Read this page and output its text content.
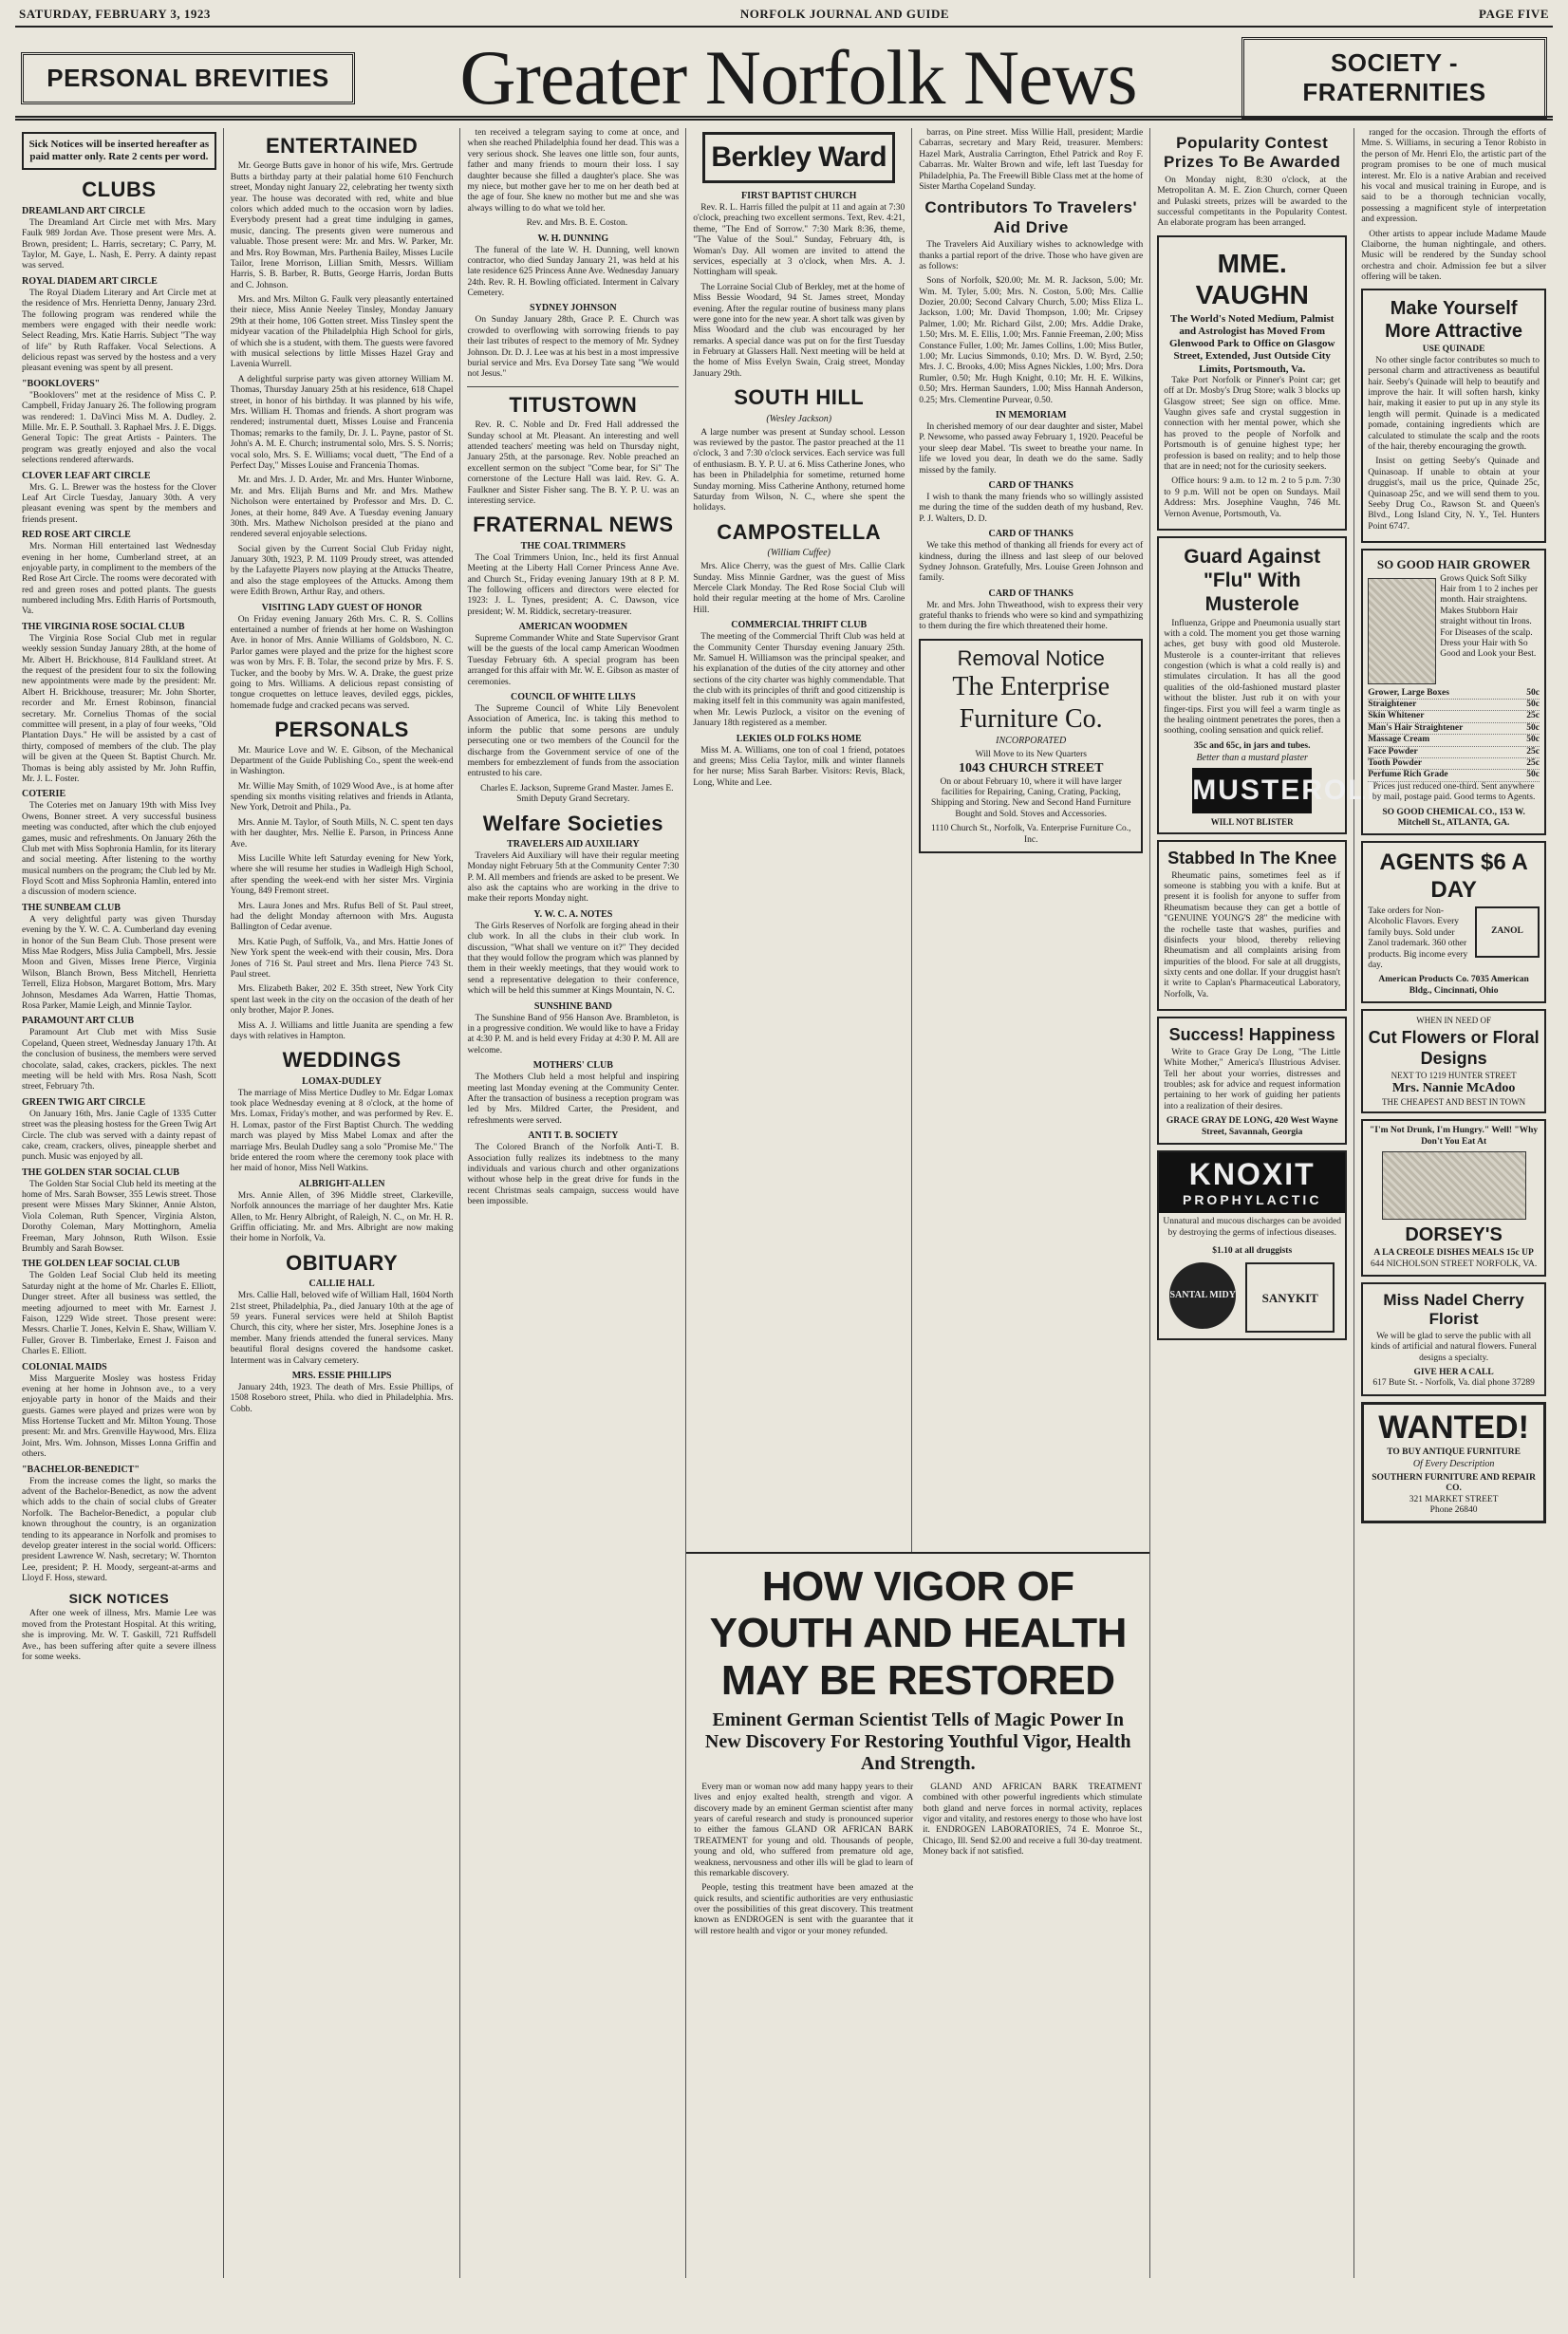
SATURDAY, FEBRUARY 3, 1923	NORFOLK JOURNAL AND GUIDE	PAGE FIVE
PERSONAL BREVITIES	Greater Norfolk News	SOCIETY - FRATERNITIES
Sick Notices will be inserted hereafter as paid matter only. Rate 2 cents per word.
CLUBS
DREAMLAND ART CIRCLE

The Dreamland Art Circle met with Mrs. Mary Faulk 989 Jordan Ave. Those present were Mrs. A. Brown, president; L. Harris, secretary; C. Parry, M. Taylor, M. Gaye, L. Nash, E. Perry. A dainty repast was served.

ROYAL DIADEM ART CIRCLE

The Royal Diadem Literary and Art Circle met at the residence of Mrs. Henrietta Denny, January 23rd. The following program was rendered while the members were engaged with their needle work: Select Reading, Mrs. Katie Harris. Subject "The way of life" by Ruth Raffaker. Vocal Selections. A delicious repast was served by the hostess and a very pleasant evening was spent by all present.

"BOOKLOVERS"

"Booklovers" met at the residence of Miss C. P. Campbell, Friday January 26. The following program was rendered: 1. DaVinci Miss M. A. Dudley. 2. Mille. Mr. E. P. Southall. 3. Raphael Mrs. J. E. Diggs. General Topic: The great Artists - Painters. The program was greatly enjoyed and also the vocal selections rendered afterwards.

CLOVER LEAF ART CIRCLE

Mrs. G. L. Brewer was the hostess for the Clover Leaf Art Circle Tuesday, January 30th. A very pleasant evening was spent by the members and friends present.

RED ROSE ART CIRCLE

Mrs. Norman Hill entertained last Wednesday evening in her home, Cumberland street, at an enjoyable party, in compliment to the members of the Red Rose Art Circle. The rooms were decorated with red and green roses and potted plants. The guests numbered including Mrs. Edith Harris of Portsmouth, Va.

THE VIRGINIA ROSE SOCIAL CLUB

The Virginia Rose Social Club met in regular weekly session Sunday January 28th, at the home of Mr. Albert H. Brickhouse, 814 Faulkland street. At the request of the president four to six the following new appointments were made by the president: Mr. Albert H. Brickhouse, treasurer; Mr. John Shorter, recorder and Mr. Ernest Robinson, financial secretary. Mr. Cornelius Thomas of the social committee will present, in a play of four weeks, "Old Plantation Days." He will be assisted by a cast of thirty, composed of members of the club. The play will be given at the Queen St. Baptist Church. Mr. Thomas is being ably assisted by Mr. John Ruffin, Mr. J. L. Foster.

COTERIE

The Coteries met on January 19th with Miss Ivey Owens, Bonner street. A very successful business meeting was conducted, after which the club enjoyed games, music and refreshments. On January 26th the Club met with Miss Sophronia Hamlin, for its literary and social meeting. After listening to the worthy musical numbers on the program; the Club led by Mr. Floyd Scott and Miss Sophronia Hamlin, entered into a discussion of modern science.

THE SUNBEAM CLUB

A very delightful party was given Thursday evening by the Y. W. C. A. Cumberland day evening in honor of the Sun Beam Club. Those present were Miss Mae Rodgers, Miss Julia Campbell, Mrs. Jessie Moon and Given, Misses Irene Pierce, Virginia Wilson, Blanch Brown, Bess Mitchell, Henrietta Terrell, Eliza Hobson, Margaret Bottom, Mrs. Mary Johnson, Mesdames Ada Warren, Hattie Thomas, Rosa Parker, Mamie Leigh, and Minnie Taylor.

PARAMOUNT ART CLUB

Paramount Art Club met with Miss Susie Copeland, Queen street, Wednesday January 17th. At the conclusion of business, the members were served chocolate, salad, cakes, crackers, pickles. The next meeting will be held with Mrs. Rosa Nash, Scott street, February 7th.

GREEN TWIG ART CIRCLE

On January 16th, Mrs. Janie Cagle of 1335 Cutter street was the pleasing hostess for the Green Twig Art Circle. The club was served with a dainty repast of cake, cream, crackers, olives, pineapple sherbet and punch. Music was enjoyed by all.

THE GOLDEN STAR SOCIAL CLUB

The Golden Star Social Club held its meeting at the home of Mrs. Sarah Bowser, 355 Lewis street. Those present were Misses Mary Skinner, Annie Alston, Viola Coleman, Ruth Spencer, Virginia Alston, Dorothy Coleman, Mary Mottinghorn, Amelia Freeman, Mary Johnson, Ruth Wilson. Essie Brumbly and Sarah Bowser.

THE GOLDEN LEAF SOCIAL CLUB

The Golden Leaf Social Club held its meeting Saturday night at the home of Mr. Charles E. Elliott, Dunger street. After all business was settled, the meeting adjourned to meet with Mr. Earnest J. Faison, 1229 Wide street. Those present were: Messrs. Charlie T. Jones, Kelvin E. Shaw, William V. Fuller, Grover B. Timberlake, Ernest J. Faison and Charles E. Elliott.

COLONIAL MAIDS

Miss Marguerite Mosley was hostess Friday evening at her home in Johnson ave., to a very enjoyable party in honor of the Maids and their guests. Games were played and prizes were won by Miss Hortense Tuckett and Mr. Milton Young. Those present: Mr. and Mrs. Grenville Haywood, Mrs. Eliza Joint, Mrs. Wm. Johnson, Misses Lonna Griffin and others.

"BACHELOR-BENEDICT"

From the increase comes the light, so marks the advent of the Bachelor-Benedict, as now the advent which adds to the chain of social clubs of Greater Norfolk. The Bachelor-Benedict, a popular club known throughout the country, is an organization tending to its appearance in Norfolk and promises to develop greater interest in the social world. Officers: president Lawrence W. Nash, secretary; W. Thornton Lee, president; P. H. Moody, sergeant-at-arms and Lloyd F. Hoss, steward.

SICK NOTICES

After one week of illness, Mrs. Mamie Lee was moved from the Protestant Hospital. At this writing, she is improving. Mr. W. T. Gaskill, 721 Ruffsdell Ave., has been suffering after quite a severe illness for some weeks.

ENTERTAINED

Mr. George Butts gave in honor of his wife, Mrs. Gertrude Butts a birthday party at their palatial home 610 Fenchurch street, Monday night January 22, celebrating her twenty sixth year. The house was decorated with red, white and blue colors which added much to the occasion worn by ladies. Everybody present had a great time indulging in games, music, dancing. The presents given were numerous and valuable. Those present were: Mr. and Mrs. W. Parker, Mr. and Mrs. Roy Bowman, Mrs. Parthenia Bailey, Misses Lucile Tailor, Irene Morrison, Lillian Smith, Messrs. William Harris, S. B. Barber, R. Butts, George Harris, Jordan Butts and C. Johnson.

Mrs. and Mrs. Milton G. Faulk very pleasantly entertained their niece, Miss Annie Neeley Tinsley, Monday January 29th at their home, 106 Gotten street. Miss Tinsley spent the midyear vacation of the Philadelphia High School for girls, of which she is a student, with them. The guests were favored with musical selections by little Misses Hazel Gray and Lavenia Wurrell.

A delightful surprise party was given attorney William M. Thomas, Thursday January 25th at his residence, 618 Chapel street, in honor of his birthday. It was planned by his wife, Mrs. William H. Thomas and friends. A short program was rendered; instrumental duett, Misses Louise and Francenia Thomas; remarks to the family, Dr. J. L. Payne, pastor of St. John's A. M. E. Church; instrumental solo, Mrs. S. S. Norris; vocal solo, Mrs. S. E. Williams; vocal duett, "The End of a Perfect Day," Misses Louise and Francenia Thomas.

Mr. and Mrs. J. D. Arder, Mr. and Mrs. Hunter Winborne, Mr. and Mrs. Elijah Burns and Mr. and Mrs. Mathew Nicholson were entertained by Professor and Mrs. D. C. Jones, at their home, 849 Ave. A Tuesday evening January 30th. Mrs. Mathew Nicholson presided at the piano and rendered several enjoyable selections.

Social given by the Current Social Club Friday night, January 30th, 1923, P. M. 1109 Proudy street, was attended by the Lafayette Players now playing at the Attucks Theatre, and also the stage employees of the Attucks. Among them were Edith Brown, Arthur Ray, and others.

VISITING LADY GUEST OF HONOR

On Friday evening January 26th Mrs. C. R. S. Collins entertained a number of friends at her home on Washington Ave. in honor of Mrs. Annie Williams of Goldsboro, N. C. Parlor games were played and the prize for the highest score was won by Mrs. F. B. Tolar, the second prize by Mrs. F. S. Tucker, and the booby by Mrs. W. A. Drake, the guest prize going to Mrs. Williams. A delicious repast consisting of tongue croquettes on lettuce leaves, deviled eggs, pickles, homemade fudge and cracked pecans was served.

PERSONALS

Mr. Maurice Love and W. E. Gibson, of the Mechanical Department of the Guide Publishing Co., spent the week-end in Washington.

Mr. Willie May Smith, of 1029 Wood Ave., is at home after spending six months visiting relatives and friends in Atlanta, New York, Detroit and Phila., Pa.

Mrs. Annie M. Taylor, of South Mills, N. C. spent ten days with her daughter, Mrs. Nellie E. Parson, in Princess Anne Ave.

Miss Lucille White left Saturday evening for New York, where she will resume her studies in Wadleigh High School, after spending the week-end with her sister Mrs. Virginia Young, 849 Fremont street.

Mrs. Laura Jones and Mrs. Rufus Bell of St. Paul street, had the delight Monday afternoon with Mrs. Augusta Ballington of Cedar avenue.

Mrs. Katie Pugh, of Suffolk, Va., and Mrs. Hattie Jones of New York spent the week-end with their cousin, Mrs. Dora Jones of 716 St. Paul street and Mrs. Ilena Pierce 743 St. Paul street.

Mrs. Elizabeth Baker, 202 E. 35th street, New York City spent last week in the city on the occasion of the death of her only brother, Major P. Jones.

Miss A. J. Williams and little Juanita are spending a few days with relatives in Hampton.

WEDDINGS
LOMAX-DUDLEY

The marriage of Miss Mertice Dudley to Mr. Edgar Lomax took place Wednesday evening at 8 o'clock, at the home of Mrs. Lomax, Friday's mother, and was performed by Rev. E. H. Lomax, pastor of the First Baptist Church. The wedding march was played by Miss Mabel Lomax and after the marriage Mrs. Beulah Dudley sang a solo "Promise Me." The bride entered the room where the ceremony took place with her maid of honor, Miss Nell Watkins.

ALBRIGHT-ALLEN

Mrs. Annie Allen, of 396 Middle street, Clarkeville, Norfolk announces the marriage of her daughter Mrs. Katie Allen, to Mr. Henry Albright, of Raleigh, N. C., on Mr. H. R. Griffin officiating. Mr. and Mrs. Albright are now making their home in Norfolk, Va.

OBITUARY
CALLIE HALL

Mrs. Callie Hall, beloved wife of William Hall, 1604 North 21st street, Philadelphia, Pa., died January 10th at the age of 59 years. Funeral services were held at Shiloh Baptist Church, this city, where her sister, Mrs. Josephine Jones is a member. Many friends attended the funeral services. Many beautiful floral designs covered the handsome casket. Interment was in Calvary cemetery.

MRS. ESSIE PHILLIPS

January 24th, 1923. The death of Mrs. Essie Phillips, of 1508 Roseboro street, Phila. who died in Philadelphia. Mrs. Cobb.

ten received a telegram saying to come at once, and when she reached Philadelphia found her dead. This was a very serious shock. She leaves one little son, four aunts, father and many friends to mourn their loss. I say daughter because she filled a daughter's place. She was my niece, but mother gave her to me on her death bed at the age of four. She knew no mother but me and she was always willing to do what we told her.

Rev. and Mrs. B. E. Coston.

W. H. DUNNING

The funeral of the late W. H. Dunning, well known contractor, who died Sunday January 21, was held at his late residence 625 Princess Anne Ave. Wednesday January 24th. Rev. R. H. Bowling officiated. Interment in Calvary Cemetery.

SYDNEY JOHNSON

On Sunday January 28th, Grace P. E. Church was crowded to overflowing with sorrowing friends to pay their last tributes of respect to the memory of Mr. Sydney Johnson. Dr. D. J. Lee was at his best in a most impressive burial service and Mrs. Eva Dorsey Tate sang "We would not Jesus."

TITUSTOWN

Rev. R. C. Noble and Dr. Fred Hall addressed the Sunday school at Mt. Pleasant. An interesting and well attended teachers' meeting was held on Thursday night, January 25th, at the parsonage. Rev. Noble preached an excellent sermon on the subject "Come bear, for Si" The cornerstone of the Lecture Hall was laid. Rev. G. A. Faulkner and Sister Fisher sang. The B. Y. P. U. was an interesting service.

FRATERNAL NEWS
THE COAL TRIMMERS

The Coal Trimmers Union, Inc., held its first Annual Meeting at the Liberty Hall Corner Princess Anne Ave. and Church St., Friday evening January 19th at 8 P. M. The following officers and directors were elected for 1923: J. L. Tynes, president; A. C. Dawson, vice president; W. M. Riddick, secretary-treasurer.

AMERICAN WOODMEN

Supreme Commander White and State Supervisor Grant will be the guests of the local camp American Woodmen Tuesday February 6th. A special program has been arranged for this affair with Mr. W. E. Gibson as master of ceremonies.

COUNCIL OF WHITE LILYS

The Supreme Council of White Lily Benevolent Association of America, Inc. is taking this method to inform the public that some persons are unduly persecuting one or two members of the Council for the discharge from the Government service of one of the members for embezzlement of funds from the association entrusted to his care.

Charles E. Jackson, Supreme Grand Master. James E. Smith Deputy Grand Secretary.

Welfare Societies
TRAVELERS AID AUXILIARY

Travelers Aid Auxiliary will have their regular meeting Monday night February 5th at the Community Center 7:30 P. M. All members and friends are asked to be present. We also ask the captains who are working in the drive to make their reports Monday night.

Y. W. C. A. NOTES

The Girls Reserves of Norfolk are forging ahead in their club work. In all the clubs in their club work. In discussion, "What shall we venture on it?" They decided that they would follow the program which was planned by them in their weekly meetings, that they would work to send a representative delegation to their conference, which will be held this summer at Kings Mountain, N. C.

SUNSHINE BAND

The Sunshine Band of 956 Hanson Ave. Brambleton, is in a progressive condition. We would like to have a Friday at 4:30 P. M. and is held every Friday at 4:30 P. M. All are welcome.

MOTHERS' CLUB

The Mothers Club held a most helpful and inspiring meeting last Monday evening at the Community Center. After the transaction of business a reception program was led by Mrs. Mildred Carter, the President, and refreshments were served.

ANTI T. B. SOCIETY

The Colored Branch of the Norfolk Anti-T. B. Association fully realizes its indebtness to the many individuals and various church and other organizations without whose help in the great drive for funds in the recent Christmas seals campaign, success would have been impossible.

Berkley Ward
FIRST BAPTIST CHURCH

Rev. R. L. Harris filled the pulpit at 11 and again at 7:30 o'clock, preaching two excellent sermons. Text, Rev. 4:21, theme, "The End of Sorrow." 7:30 Mark 8:36, theme, "The Value of the Soul." Sunday, February 4th, is Woman's Day. All women are invited to attend the services, especially at 3 o'clock, when Mrs. A. J. Nottingham will speak.

The Lorraine Social Club of Berkley, met at the home of Miss Bessie Woodard, 94 St. James street, Monday evening. After the regular routine of business many plans were gone into for the new year. A short talk was given by Miss Woodard and the club was encouraged by her remarks. A special dance was put on for the first Tuesday in February at Glassers Hall. Next meeting will be held at the home of Miss Evelyn Swain, Craig street, Monday January 29th.

SOUTH HILL
(Wesley Jackson)

A large number was present at Sunday school. Lesson was reviewed by the pastor. The pastor preached at the 11 o'clock, 3 and 7:30 o'clock services. Each service was full of enthusiasm. B. Y. P. U. at 6. Miss Catherine Jones, who has been in Philadelphia for sometime, returned home Sunday morning. Miss Catherine Anthony, returned home Saturday from Wilson, N. C., where she spent the holidays.

CAMPOSTELLA
(William Cuffee)

Mrs. Alice Cherry, was the guest of Mrs. Callie Clark Sunday. Miss Minnie Gardner, was the guest of Miss Mercele Clark Monday. The Red Rose Social Club will hold their regular meeting at the home of Mrs. Caroline Hill.

COMMERCIAL THRIFT CLUB

The meeting of the Commercial Thrift Club was held at the Community Center Thursday evening January 25th. Mr. Samuel H. Williamson was the principal speaker, and his explanation of the duties of the city attorney and other sections of the city charter was highly commendable. That the club with its principles of thrift and good citizenship is making itself felt in this community was again manifested, when Mr. Lewis Puzlock, a visitor on the evening of January 18th registered as a member.

LEKIES OLD FOLKS HOME

Miss M. A. Williams, one ton of coal 1 friend, potatoes and greens; Miss Celia Taylor, milk and winter flannels for her nurse; Miss Sarah Barber. Visitors: Revis, Black, Long, White and Lee.

barras, on Pine street. Miss Willie Hall, president; Mardie Cabarras, secretary and Mary Reid, treasurer. Members: Hazel Mark, Australia Carrington, Ethel Patrick and Roy F. Cabarras. Mr. Walter Brown and wife, left last Tuesday for Philadelphia, Pa. The Freewill Bible Class met at the home of Sister Martha Copeland Sunday.

Contributors To Travelers' Aid Drive

The Travelers Aid Auxiliary wishes to acknowledge with thanks a partial report of the drive. Those who have given are as follows:

Sons of Norfolk, $20.00; Mr. M. R. Jackson, 5.00; Mr. Wm. M. Tyler, 5.00; Mrs. N. Coston, 5.00; Mrs. Callie Dozier, 20.00; Second Calvary Church, 5.00; Miss Eliza L. Jackson, 1.00; Mr. David Thompson, 1.00; Mr. Cripsey Palmer, 1.00; Mr. Richard Gilst, 2.00; Mrs. Addie Drake, 1.50; Mrs. M. E. Ellis, 1.00; Mrs. Fannie Freeman, 2.00; Miss Constance Fuller, 1.00; Mr. James Collins, 1.00; Miss Butler, 1.00; Mr. Lucius Simmonds, 0.10; Mrs. D. W. Byrd, 2.50; Mrs. J. C. Brooks, 4.00; Miss Agnes Nickles, 1.00; Mrs. Dora Rumler, 0.50; Mr. Hugh Knight, 0.10; Mr. H. E. Wilkins, 0.50; Mrs. Herman Saunders, 1.00; Miss Hannah Anderson, 0.25; Mrs. Clementine Purvear, 0.50.

IN MEMORIAM

In cherished memory of our dear daughter and sister, Mabel P. Newsome, who passed away February 1, 1920. Peaceful be your sleep dear Mabel. 'Tis sweet to breathe your name. In life we loved you dear, In death we do the same. Sadly missed by the family.

CARD OF THANKS

I wish to thank the many friends who so willingly assisted me during the time of the sudden death of my husband, Rev. P. J. Walters, D. D.

CARD OF THANKS

We take this method of thanking all friends for every act of kindness, during the illness and last sleep of our beloved Sydney Johnson. Gratefully, Mrs. Louise Green Johnson and family.

CARD OF THANKS

Mr. and Mrs. John Thweathood, wish to express their very grateful thanks to friends who were so kind and sympathizing to them during the fire which threatened their home.

Removal Notice
The Enterprise
Furniture Co.
INCORPORATED
Will Move to its New Quarters
1043 CHURCH STREET

On or about February 10, where it will have larger facilities for Repairing, Caning, Crating, Packing, Shipping and Storing. New and Second Hand Furniture Bought and Sold. Stoves and Accessories.

1110 Church St., Norfolk, Va. Enterprise Furniture Co., Inc.
HOW VIGOR OF YOUTH AND HEALTH MAY BE RESTORED
Eminent German Scientist Tells of Magic Power In New Discovery For Restoring Youthful Vigor, Health And Strength.

Every man or woman now add many happy years to their lives and enjoy exalted health, strength and vigor. A discovery made by an eminent German scientist after many years of careful research and study is pronounced superior to either the famous GLAND OR AFRICAN BARK TREATMENT for young and old. Thousands of people, young and old, who suffered from premature old age, weakness, nervousness and other ills will be glad to learn of this remarkable discovery.

People, testing this treatment have been amazed at the quick results, and scientific authorities are very enthusiastic over the possibilities of this great discovery. This treatment known as ENDROGEN is sent with the guarantee that it will restore health and vigor or your money refunded.

GLAND AND AFRICAN BARK TREATMENT combined with other powerful ingredients which stimulate both gland and nerve forces in normal activity, replaces vigor and vitality, and restores energy to those who have lost it. ENDROGEN LABORATORIES, 74 E. Monroe St., Chicago, Ill. Send $2.00 and receive a full 30-day treatment. Money back if not satisfied.

Popularity Contest Prizes To Be Awarded

On Monday night, 8:30 o'clock, at the Metropolitan A. M. E. Zion Church, corner Queen and Pulaski streets, prizes will be awarded to the successful competitants in the Popularity Contest. An elaborate program has been arranged.

MME. VAUGHN
The World's Noted Medium, Palmist and Astrologist has Moved From Glenwood Park to Office on Glasgow Street, Extended, Just Outside City Limits, Portsmouth, Va.

Take Port Norfolk or Pinner's Point car; get off at Dr. Mosby's Drug Store; walk 3 blocks up Glasgow street; See sign on office. Mme. Vaughn gives safe and crystal suggestion in connection with her mental power, which she has proved to the people of Norfolk and Portsmouth is of genuine highest type; her profession is based on reality; and to help those that are in need; not for the curiosity seekers.

Office hours: 9 a.m. to 12 m. 2 to 5 p.m. 7:30 to 9 p.m. Will not be open on Sundays. Mail Address: Mrs. Josephine Vaughn, 746 Mt. Vernon Avenue, Portsmouth, Va.

Guard Against "Flu" With Musterole

Influenza, Grippe and Pneumonia usually start with a cold. The moment you get those warning aches, get busy with good old Musterole. Musterole is a counter-irritant that relieves congestion (which is what a cold really is) and stimulates circulation. It has all the good qualities of the old-fashioned mustard plaster without the blister. Just rub it on with your finger-tips. First you will feel a warm tingle as the healing ointment penetrates the pores, then a soothing, cooling sensation and quick relief.

35c and 65c, in jars and tubes.
Better than a mustard plaster
MUSTEROLE
WILL NOT BLISTER
Stabbed In The Knee

Rheumatic pains, sometimes feel as if someone is stabbing you with a knife. But at present it is foolish for anyone to suffer from Rheumatism because they can get a bottle of "GENUINE YOUNG'S 28" the medicine with the rochelle taste that washes, purifies and disinfects your blood, thereby relieving Rheumatism and all complaints arising from impurities of the blood. For sale at all druggists, sixty cents and one dollar. If your druggist hasn't it write to Caplan's Pharmaceutical Laboratory, Norfolk, Va.

Success! Happiness

Write to Grace Gray De Long, "The Little White Mother," America's Illustrious Adviser. Tell her about your worries, distresses and troubles; ask for advice and request information pertaining to her work of guiding her patients into a realization of their desires.

GRACE GRAY DE LONG, 420 West Wayne Street, Savannah, Georgia
KNOXIT
PROPHYLACTIC

Unnatural and mucous discharges can be avoided by destroying the germs of infectious diseases.

$1.10 at all druggists
SANTAL MIDY	SANYKIT

ranged for the occasion. Through the efforts of Mme. S. Williams, in securing a Tenor Robisto in the person of Mr. Henri Elo, the artistic part of the program promises to be one of much musical interest. Mr. Elo is a native Arabian and received his vocal and musical training in Europe, and is said to be a thorough technician vocally, possessing a magnificent style of interpretation and expression.

Other artists to appear include Madame Maude Claiborne, the human nightingale, and others. Music will be rendered by the Sunday school orchestra and choir. Admission fee but a silver offering will be taken.

Make Yourself More Attractive
USE QUINADE

No other single factor contributes so much to personal charm and attractiveness as beautiful hair. Seeby's Quinade will help to beautify and improve the hair. It will soften harsh, kinky hair, making it easier to put up in any style its length will permit. Quinade is a medicated pomade, containing ingredients which are calculated to stimulate the scalp and the roots of the hair, thereby encouraging the growth.

Insist on getting Seeby's Quinade and Quinasoap. If unable to obtain at your druggist's, mail us the price, Quinade 25c, Quinasoap 25c, and we will send them to you. Seeby Drug Co., Rawson St. and Queen's Blvd., Long Island City, N. Y., Tel. Hunters Point 6747.

SO GOOD HAIR GROWER

Grows Quick Soft Silky Hair from 1 to 2 inches per month. Hair straightens. Makes Stubborn Hair straight without tin Irons. For Diseases of the scalp. Dress your Hair with So Good and Look your Best.

Grower, Large Boxes	50c
Straightener	50c
Skin Whitener	25c
Man's Hair Straightener	50c
Massage Cream	50c
Face Powder	25c
Tooth Powder	25c
Perfume Rich Grade	50c

Prices just reduced one-third. Sent anywhere by mail, postage paid. Good terms to Agents.

SO GOOD CHEMICAL CO., 153 W. Mitchell St., ATLANTA, GA.
AGENTS $6 A DAY

Take orders for Non-Alcoholic Flavors. Every family buys. Sold under Zanol trademark. 360 other products. Big income every day.

ZANOL
American Products Co. 7035 American Bldg., Cincinnati, Ohio
WHEN IN NEED OF
Cut Flowers or Floral Designs
NEXT TO 1219 HUNTER STREET
Mrs. Nannie McAdoo
THE CHEAPEST AND BEST IN TOWN
"I'm Not Drunk, I'm Hungry." Well! "Why Don't You Eat At
DORSEY'S
A LA CREOLE DISHES MEALS 15c UP
644 NICHOLSON STREET NORFOLK, VA.
Miss Nadel Cherry Florist

We will be glad to serve the public with all kinds of artificial and natural flowers. Funeral designs a specialty.

GIVE HER A CALL
617 Bute St. - Norfolk, Va. dial phone 37289
WANTED!
TO BUY ANTIQUE FURNITURE
Of Every Description
SOUTHERN FURNITURE AND REPAIR CO.
321 MARKET STREET
Phone 26840
